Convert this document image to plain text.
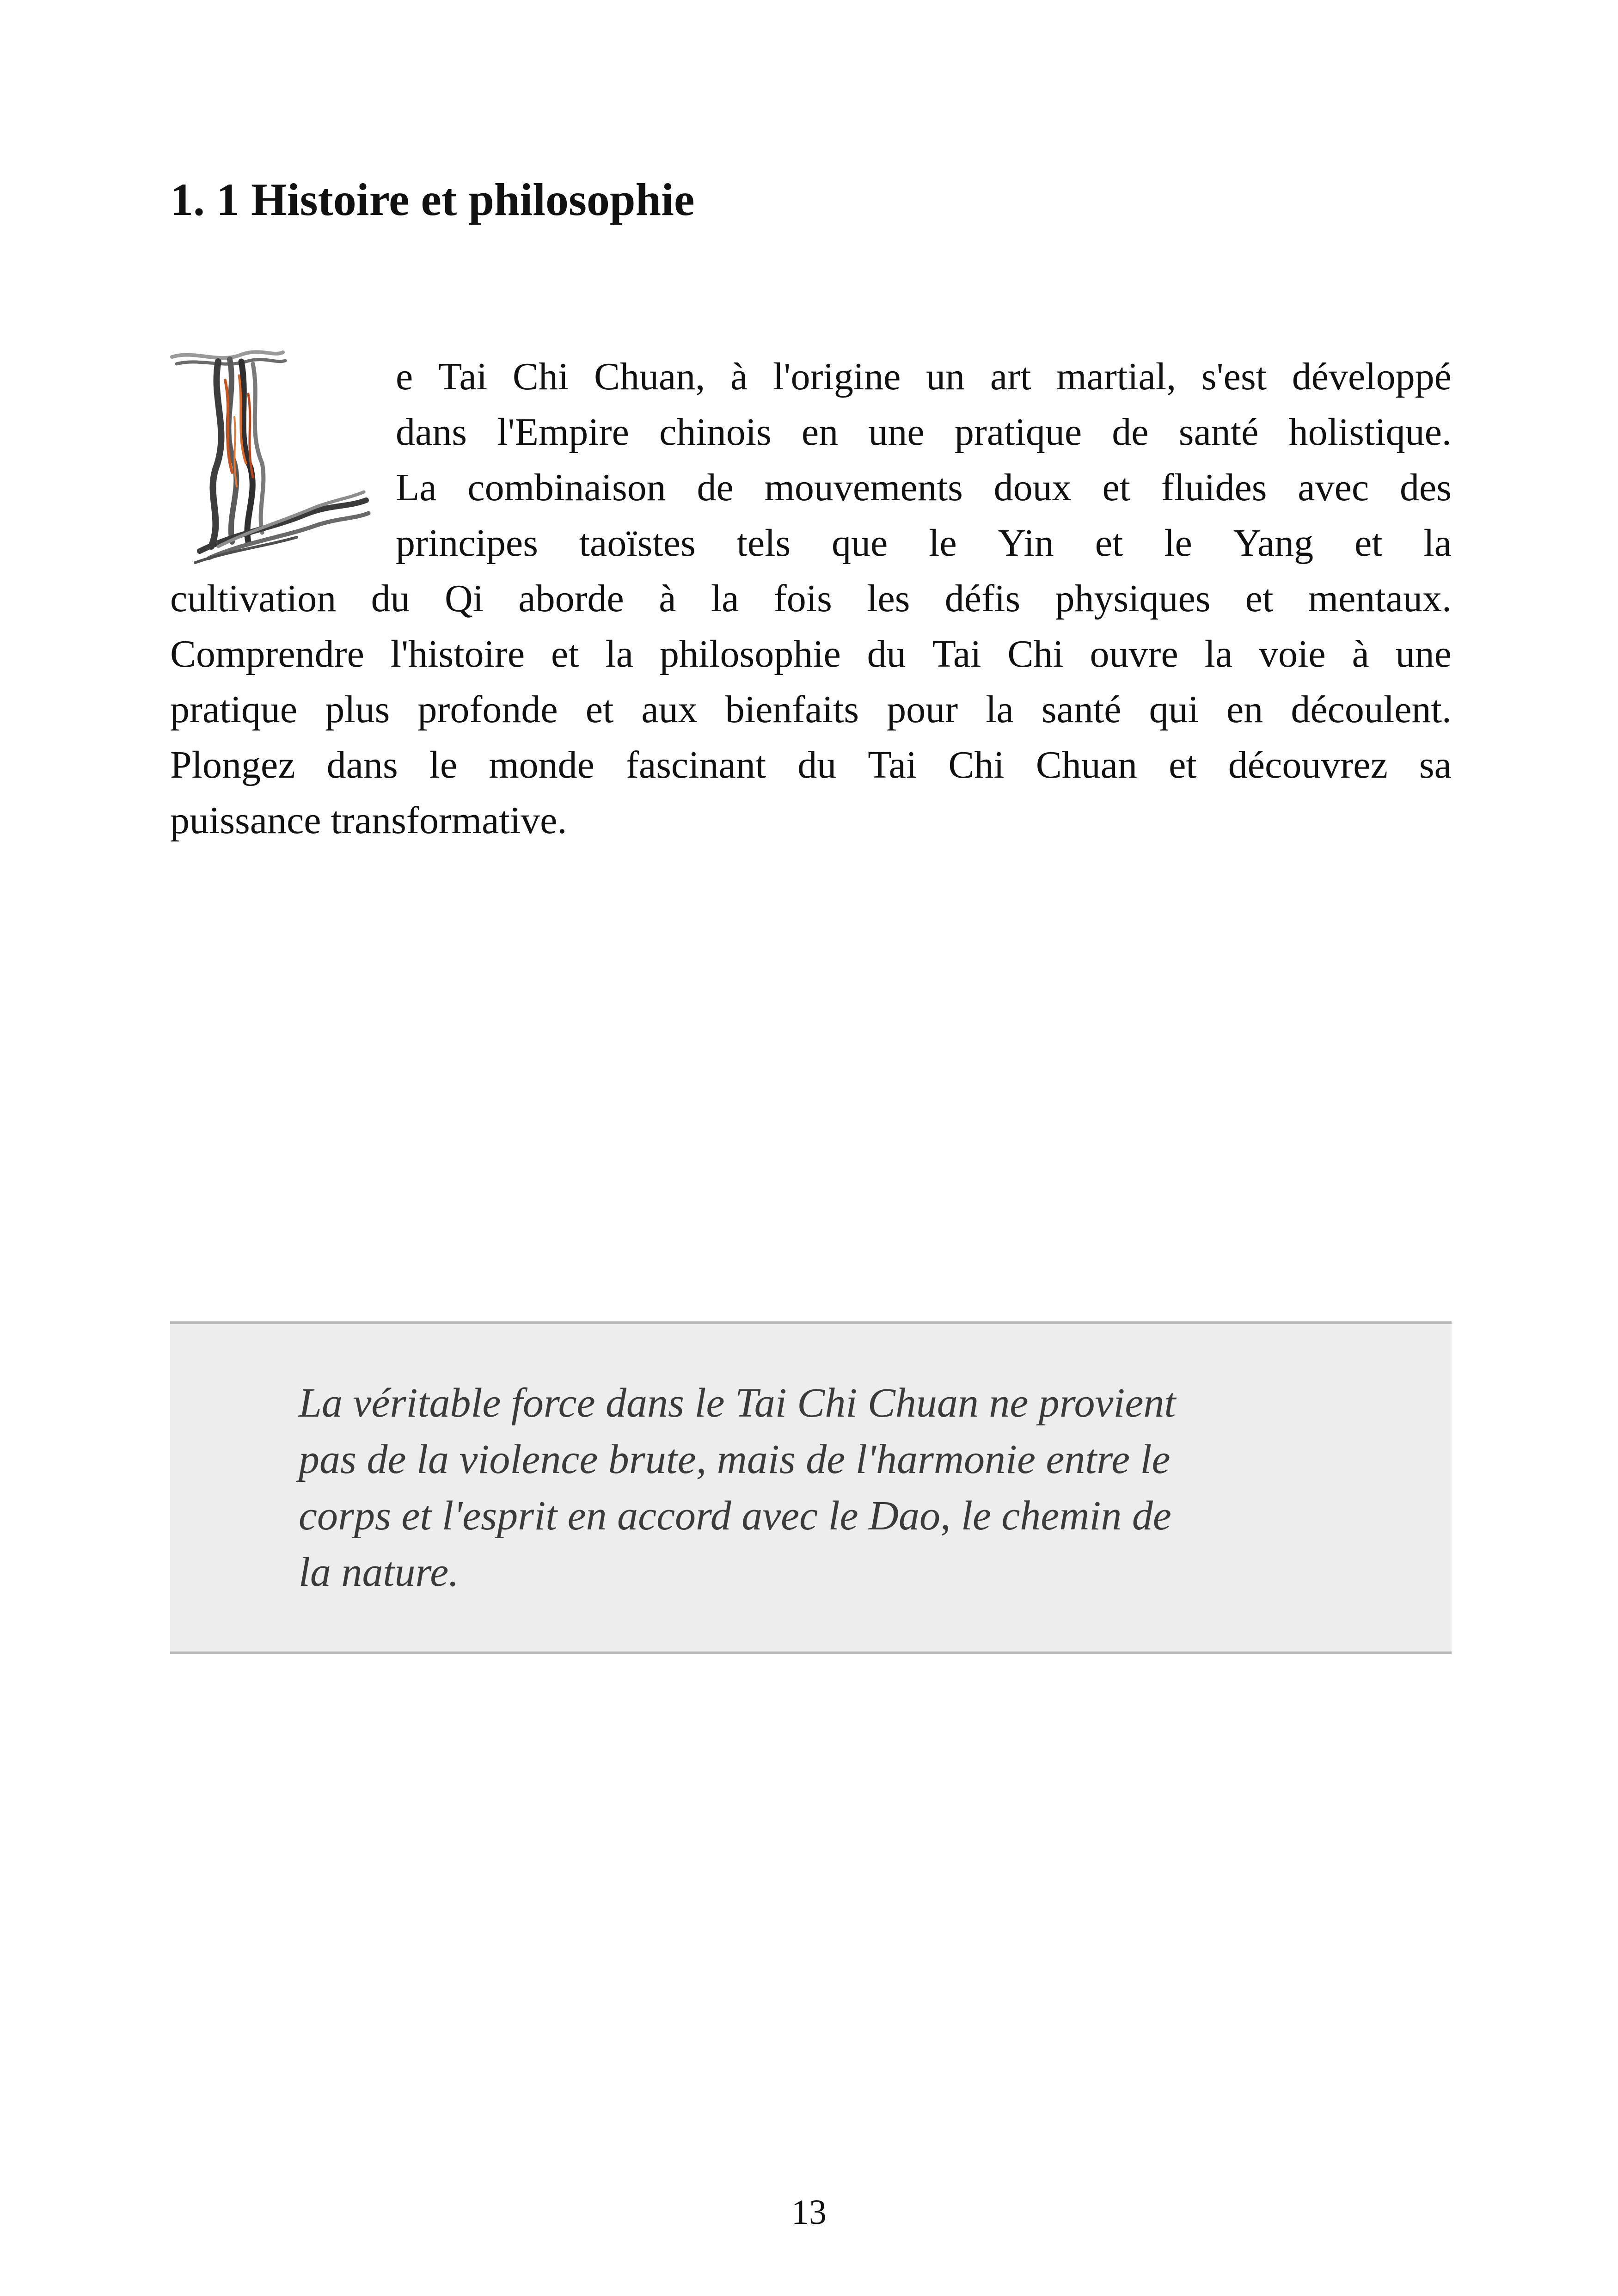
1. 1 Histoire et philosophie
e Tai Chi Chuan, à l'origine un art martial, s'est développé
dans l'Empire chinois en une pratique de santé holistique.
La combinaison de mouvements doux et fluides avec des
principes taoïstes tels que le Yin et le Yang et la
cultivation du Qi aborde à la fois les défis physiques et mentaux.
Comprendre l'histoire et la philosophie du Tai Chi ouvre la voie à une
pratique plus profonde et aux bienfaits pour la santé qui en découlent.
Plongez dans le monde fascinant du Tai Chi Chuan et découvrez sa
puissance transformative.
La véritable force dans le Tai Chi Chuan ne provient
pas de la violence brute, mais de l'harmonie entre le
corps et l'esprit en accord avec le Dao, le chemin de
la nature.
13
